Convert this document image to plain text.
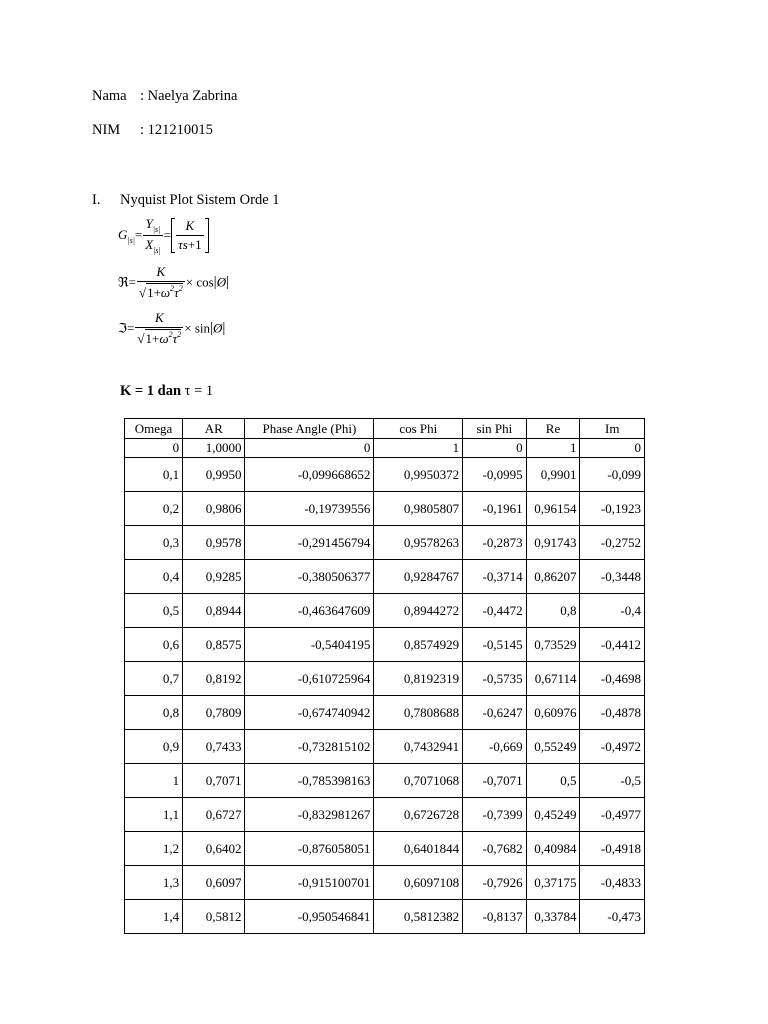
Nama : Naelya Zabrina
NIM : 121210015
I. Nyquist Plot Sistem Orde 1
$G_{|s|}= \frac{Y_{|s|}}{X_{|s|}} = \frac{K}{\tau s+1}$
ℜ= $\frac{K}{√1+\omega^2\tau^2}$ × cos|Ø|
ℑ= $\frac{K}{√1+\omega^2\tau^2}$ × sin|Ø|
K = 1 dan τ = 1
Omega	AR	Phase Angle (Phi)	cos Phi	sin Phi	Re	Im
0	1,0000	0	1	0	1	0
0,1	0,9950	-0,099668652	0,9950372	-0,0995	0,9901	-0,099
0,2	0,9806	-0,19739556	0,9805807	-0,1961	0,96154	-0,1923
0,3	0,9578	-0,291456794	0,9578263	-0,2873	0,91743	-0,2752
0,4	0,9285	-0,380506377	0,9284767	-0,3714	0,86207	-0,3448
0,5	0,8944	-0,463647609	0,8944272	-0,4472	0,8	-0,4
0,6	0,8575	-0,5404195	0,8574929	-0,5145	0,73529	-0,4412
0,7	0,8192	-0,610725964	0,8192319	-0,5735	0,67114	-0,4698
0,8	0,7809	-0,674740942	0,7808688	-0,6247	0,60976	-0,4878
0,9	0,7433	-0,732815102	0,7432941	-0,669	0,55249	-0,4972
1	0,7071	-0,785398163	0,7071068	-0,7071	0,5	-0,5
1,1	0,6727	-0,832981267	0,6726728	-0,7399	0,45249	-0,4977
1,2	0,6402	-0,876058051	0,6401844	-0,7682	0,40984	-0,4918
1,3	0,6097	-0,915100701	0,6097108	-0,7926	0,37175	-0,4833
1,4	0,5812	-0,950546841	0,5812382	-0,8137	0,33784	-0,473
